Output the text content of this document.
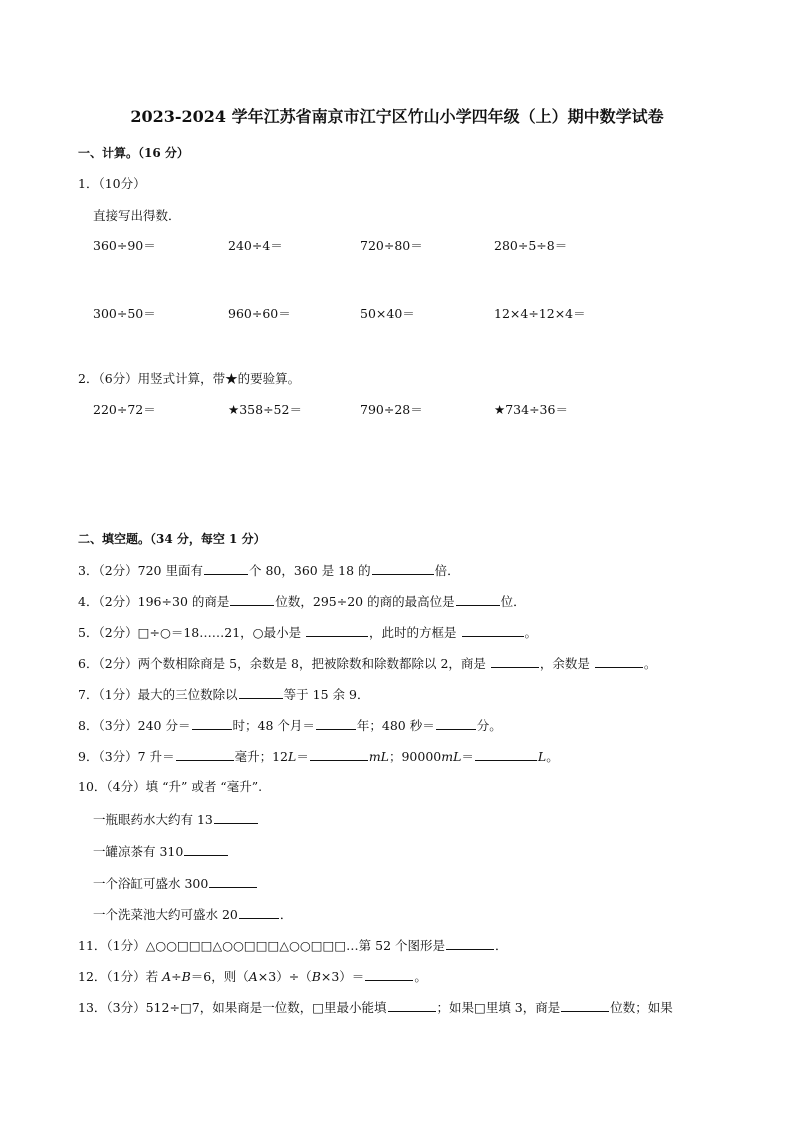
2023-2024 学年江苏省南京市江宁区竹山小学四年级（上）期中数学试卷
一、计算。（16 分）
1．（10分）
直接写出得数．
360÷90＝	240÷4＝	720÷80＝	280÷5÷8＝
300÷50＝	960÷60＝	50×40＝	12×4÷12×4＝
2．（6分）用竖式计算，带★的要验算。
220÷72＝	★358÷52＝	790÷28＝	★734÷36＝
二、填空题。（34 分，每空 1 分）
3．（2分）720 里面有	个 80，360 是 18 的	倍．
4．（2分）196÷30 的商是	位数，295÷20 的商的最高位是	位．
5．（2分）□÷○＝18……21，○最小是	，此时的方框是	。
6．（2分）两个数相除商是 5，余数是 8，把被除数和除数都除以 2，商是	，余数是	。
7．（1分）最大的三位数除以	等于 15 余 9．
8．（3分）240 分＝	时；48 个月＝	年；480 秒＝	分。
9．（3分）7 升＝	毫升；12L＝	mL；90000mL＝	L。
10．（4分）填 “升” 或者 “毫升”.
一瓶眼药水大约有 13
一罐凉茶有 310
一个浴缸可盛水 300
一个洗菜池大约可盛水 20	．
11．（1分）△○○□□□△○○□□□△○○□□□…第 52 个图形是	．
12．（1分）若 A÷B＝6，则（A×3）÷（B×3）＝	。
13．（3分）512÷□7，如果商是一位数，□里最小能填	；如果□里填 3，商是	位数；如果
